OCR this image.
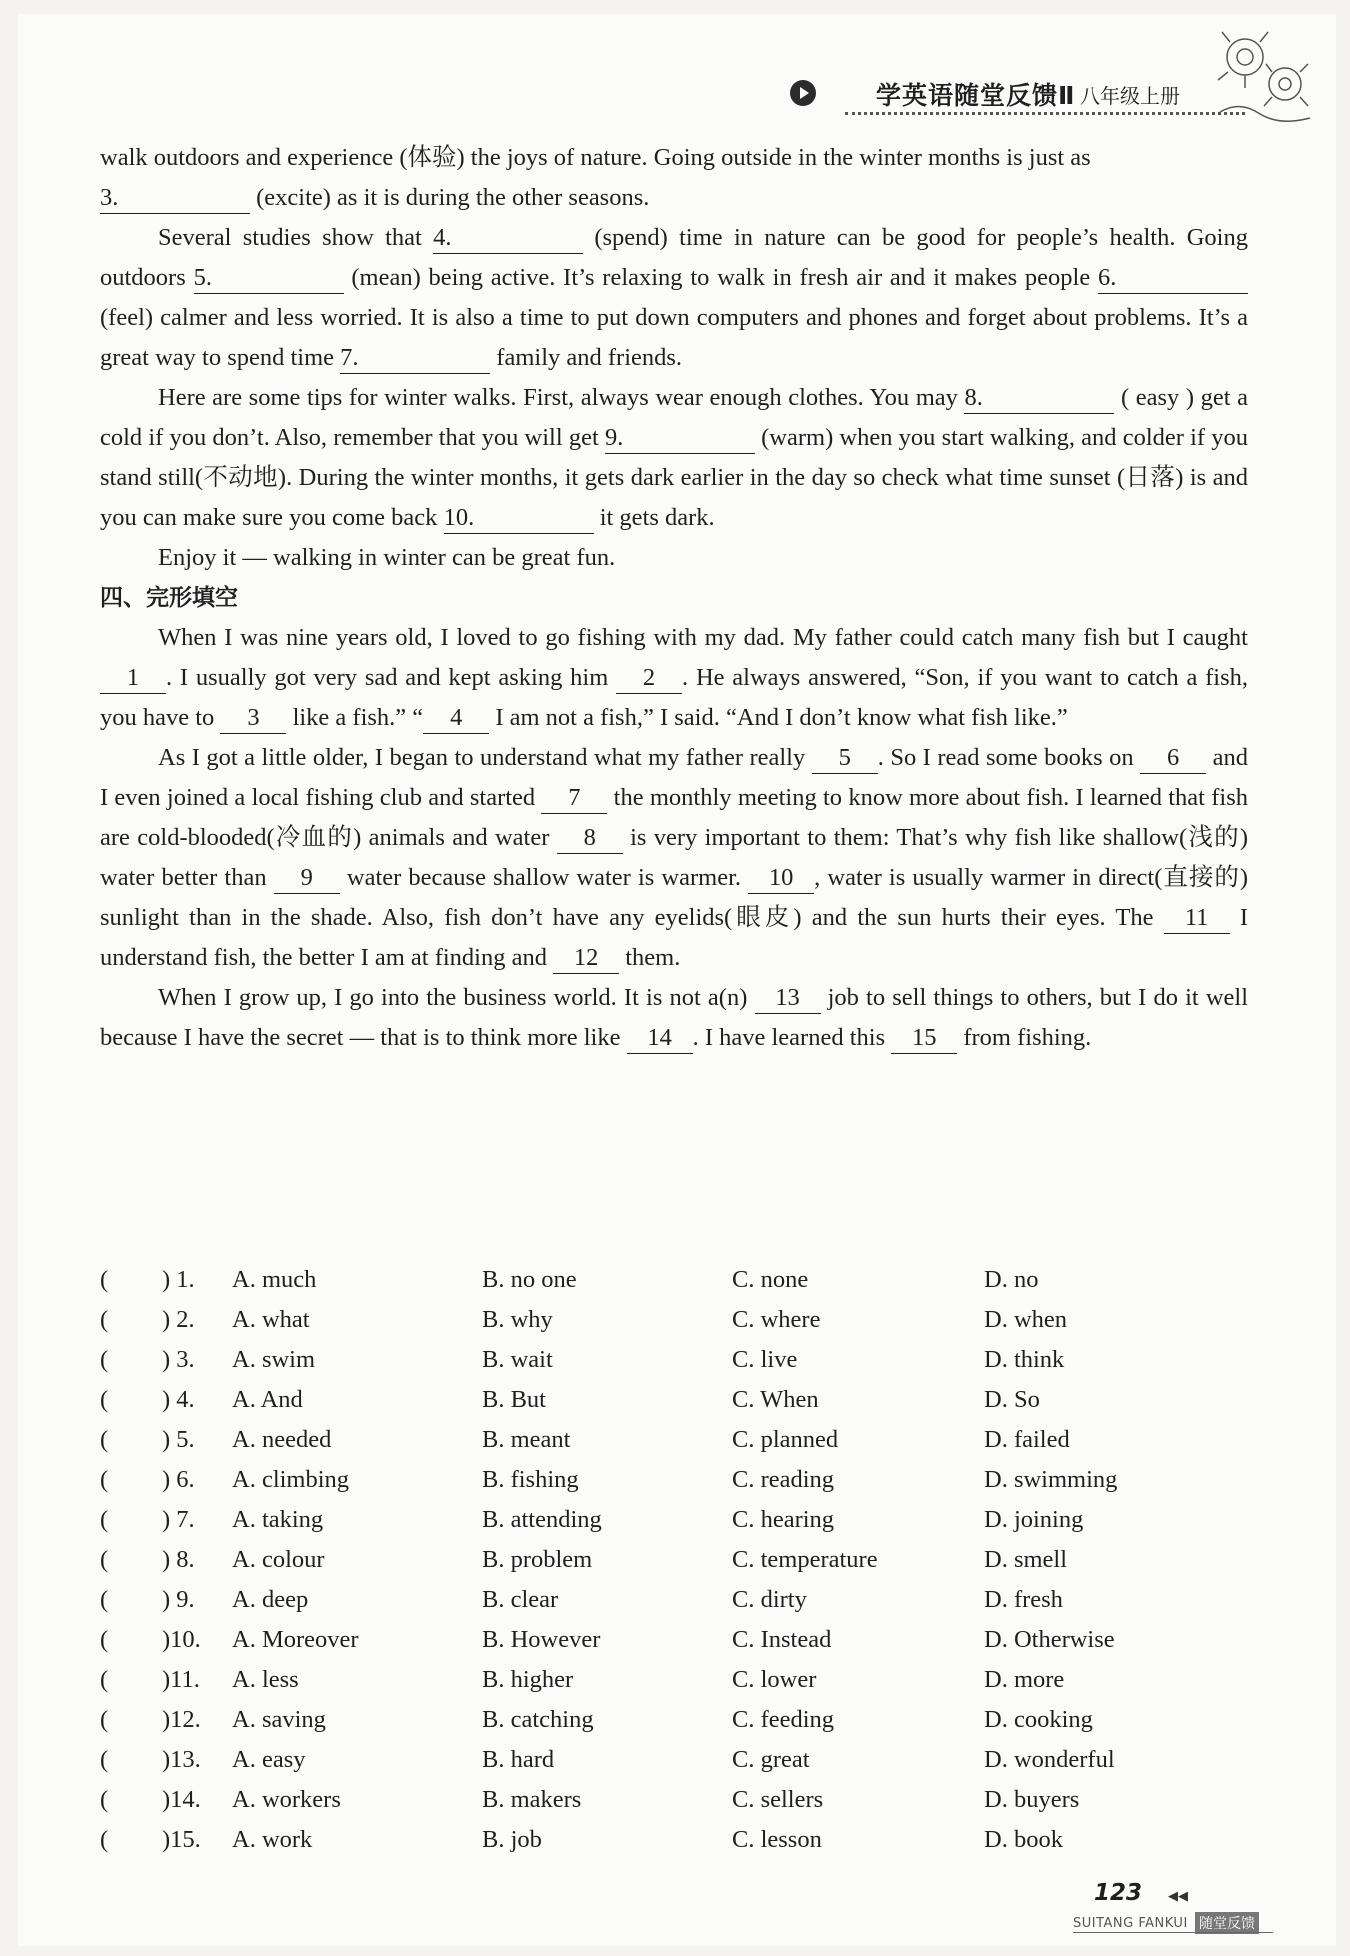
学英语随堂反馈Ⅱ 八年级上册

walk outdoors and experience (体验) the joys of nature. Going outside in the winter months is just as

3.	(excite) as it is during the other seasons.

Several studies show that 4.	(spend) time in nature can be good for people’s health. Going outdoors 5.	(mean) being active. It’s relaxing to walk in fresh air and it makes people 6. (feel) calmer and less worried. It is also a time to put down computers and phones and forget about problems. It’s a great way to spend time 7.	family and friends.

Here are some tips for winter walks. First, always wear enough clothes. You may 8.	( easy ) get a cold if you don’t. Also, remember that you will get 9.	(warm) when you start walking, and colder if you stand still(不动地). During the winter months, it gets dark earlier in the day so check what time sunset (日落) is and you can make sure you come back 10.	it gets dark.

Enjoy it — walking in winter can be great fun.

四、完形填空

When I was nine years old, I loved to go fishing with my dad. My father could catch many fish but I caught 1 . I usually got very sad and kept asking him 2 . He always answered, “Son, if you want to catch a fish, you have to 3 like a fish.” “ 4 I am not a fish,” I said. “And I don’t know what fish like.”

As I got a little older, I began to understand what my father really 5 . So I read some books on 6 and I even joined a local fishing club and started 7 the monthly meeting to know more about fish. I learned that fish are cold-blooded(冷血的) animals and water 8 is very important to them: That’s why fish like shallow(浅的) water better than 9 water because shallow water is warmer. 10 , water is usually warmer in direct(直接的) sunlight than in the shade. Also, fish don’t have any eyelids(眼皮) and the sun hurts their eyes. The 11 I understand fish, the better I am at finding and 12 them.

When I grow up, I go into the business world. It is not a(n) 13 job to sell things to others, but I do it well because I have the secret — that is to think more like 14 . I have learned this 15 from fishing.

( ) 1. A. much	B. no one	C. none	D. no
( ) 2. A. what	B. why	C. where	D. when
( ) 3. A. swim	B. wait	C. live	D. think
( ) 4. A. And	B. But	C. When	D. So
( ) 5. A. needed	B. meant	C. planned	D. failed
( ) 6. A. climbing	B. fishing	C. reading	D. swimming
( ) 7. A. taking	B. attending	C. hearing	D. joining
( ) 8. A. colour	B. problem	C. temperature	D. smell
( ) 9. A. deep	B. clear	C. dirty	D. fresh
( )10. A. Moreover	B. However	C. Instead	D. Otherwise
( )11. A. less	B. higher	C. lower	D. more
( )12. A. saving	B. catching	C. feeding	D. cooking
( )13. A. easy	B. hard	C. great	D. wonderful
( )14. A. workers	B. makers	C. sellers	D. buyers
( )15. A. work	B. job	C. lesson	D. book
123 ◀◀
SUITANG FANKUI 随堂反馈
